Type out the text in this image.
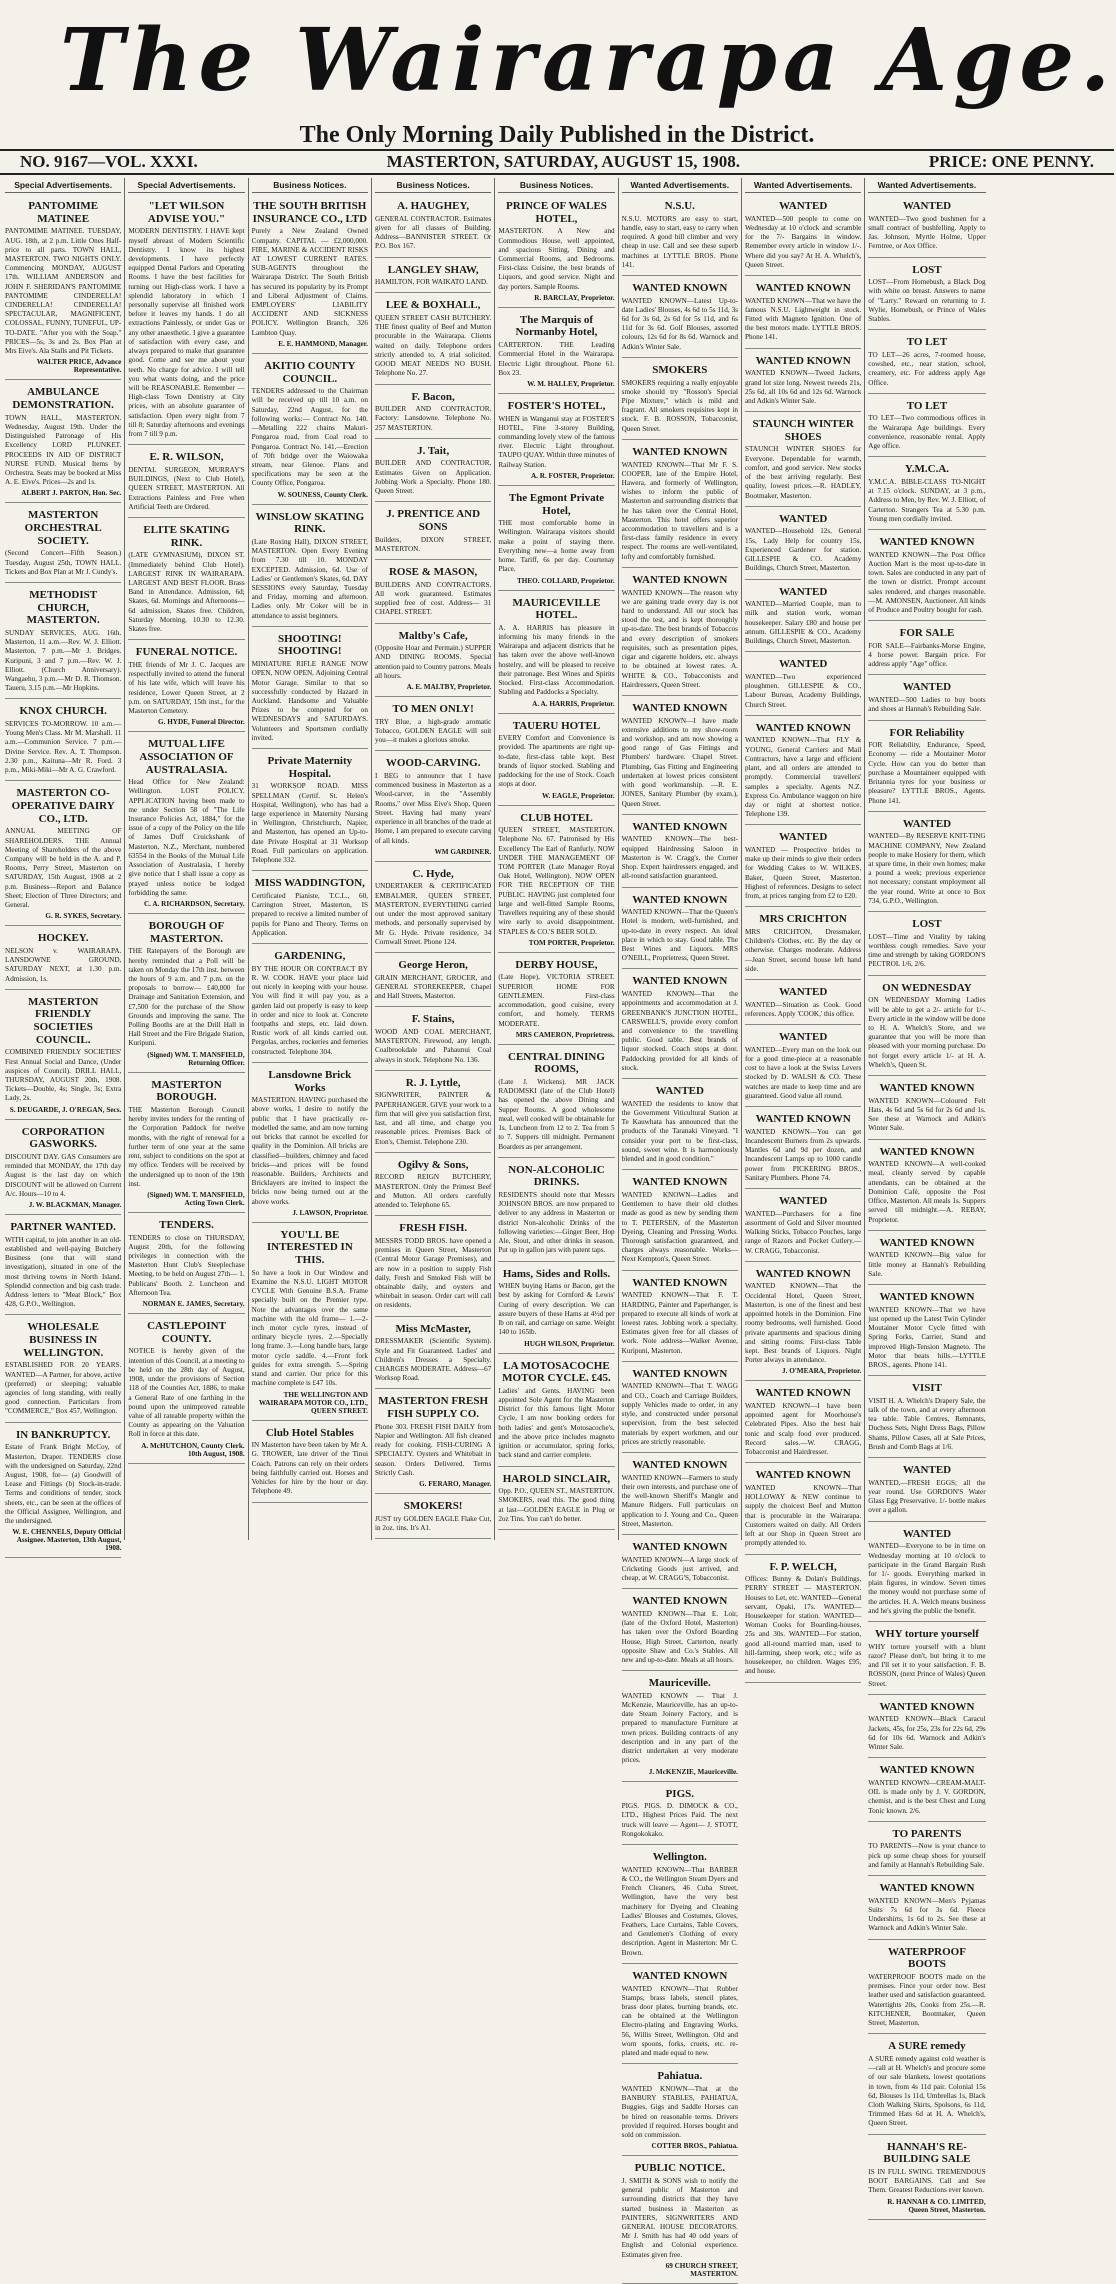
The Wairarapa Age.
The Only Morning Daily Published in the District.
NO. 9167—VOL. XXXI.	MASTERTON, SATURDAY, AUGUST 15, 1908.	PRICE: ONE PENNY.
Special Advertisements.
PANTOMIME MATINEE
PANTOMIME MATINEE. TUESDAY, AUG. 18th, at 2 p.m. Little Ones Half-price to all parts. TOWN HALL, MASTERTON. TWO NIGHTS ONLY. Commencing MONDAY, AUGUST 17th. WILLIAM ANDERSON and JOHN F. SHERIDAN'S PANTOMIME PANTOMIME CINDERELLA! CINDERELLA! CINDERELLA! SPECTACULAR, MAGNIFICENT, COLOSSAL, FUNNY, TUNEFUL, UP-TO-DATE. "After you with the Soap." PRICES—5s, 3s and 2s. Box Plan at Mrs Eive's. Ala Stalls and Pit Tickets.
WALTER PRICE, Advance Representative.
AMBULANCE DEMONSTRATION.
TOWN HALL, MASTERTON. Wednesday, August 19th. Under the Distinguished Patronage of His Excellency LORD PLUNKET. PROCEEDS IN AID OF DISTRICT NURSE FUND. Musical Items by Orchestra. Seats may be booked at Miss A. E. Eive's. Prices—2s and 1s.
ALBERT J. PARTON, Hon. Sec.
MASTERTON ORCHESTRAL SOCIETY.
(Second Concert—Fifth Season.) Tuesday, August 25th, TOWN HALL. Tickets and Box Plan at Mr J. Cundy's.
METHODIST CHURCH, MASTERTON.
SUNDAY SERVICES, AUG. 16th. Masterton, 11 a.m.—Rev. W. J. Elliott. Masterton, 7 p.m.—Mr J. Bridges. Kuripuni, 3 and 7 p.m.—Rev. W. J. Elliott. (Church Anniversary). Wangaehu, 3 p.m.—Mr D. R. Thomson. Taueru, 3.15 p.m.—Mr Hopkins.
KNOX CHURCH.
SERVICES TO-MORROW. 10 a.m.—Young Men's Class. Mr M. Marshall. 11 a.m.—Communion Service. 7 p.m.—Divine Service. Rev. A. T. Thompson. 2.30 p.m., Kaituna—Mr R. Ford. 3 p.m., Miki-Miki—Mr A. G. Crawford.
MASTERTON CO-OPERATIVE DAIRY CO., LTD.
ANNUAL MEETING OF SHAREHOLDERS. THE Annual Meeting of Shareholders of the above Company will be held in the A. and P. Rooms, Perry Street, Masterton on SATURDAY, 15th August, 1908 at 2 p.m. Business—Report and Balance Sheet; Election of Three Directors; and General.
G. R. SYKES, Secretary.
HOCKEY.
NELSON v. WAIRARAPA. LANSDOWNE GROUND, SATURDAY NEXT, at 1.30 p.m. Admission, 1s.
MASTERTON FRIENDLY SOCIETIES COUNCIL.
COMBINED FRIENDLY SOCIETIES' First Annual Social and Dance, (Under auspices of Council). DRILL HALL, THURSDAY, AUGUST 20th, 1908. Tickets—Double, 4s; Single, 3s; Extra Lady, 2s.
S. DEUGARDE, J. O'REGAN, Secs.
CORPORATION GASWORKS.
DISCOUNT DAY. GAS Consumers are reminded that MONDAY, the 17th day August is the last day on which DISCOUNT will be allowed on Current A/c. Hours—10 to 4.
J. W. BLACKMAN, Manager.
PARTNER WANTED.
WITH capital, to join another in an old-established and well-paying Butchery Business (one that will stand investigation), situated in one of the most thriving towns in North Island. Splendid connection and big cash trade. Address letters to "Meat Block," Box 428, G.P.O., Wellington.
WHOLESALE BUSINESS IN WELLINGTON.
ESTABLISHED FOR 20 YEARS. WANTED—A Partner, for above, active (preferred) or sleeping; valuable agencies of long standing, with really good connection. Particulars from "COMMERCE," Box 457, Wellington.
IN BANKRUPTCY.
Estate of Frank Bright McCoy, of Masterton, Draper. TENDERS close with the undersigned on Saturday, 22nd August, 1908, for— (a) Goodwill of Lease and Fittings (b) Stock-in-trade. Terms and conditions of tender, stock sheets, etc., can be seen at the offices of the Official Assignee, Wellington, and the undersigned.
W. E. CHENNELS, Deputy Official Assignee. Masterton, 13th August, 1908.
Special Advertisements.
"LET WILSON ADVISE YOU."
MODERN DENTISTRY. I HAVE kept myself abreast of Modern Scientific Dentistry. I know its highest developments. I have perfectly equipped Dental Parlors and Operating Rooms. I have the best facilities for turning out High-class work. I have a splendid laboratory in which I personally supervise all finished work before it leaves my hands. I do all extractions Painlessly, or under Gas or any other anaesthetic. I give a guarantee of satisfaction with every case, and always prepared to make that guarantee good. Come and see me about your teeth. No charge for advice. I will tell you what wants doing, and the price will be REASONABLE. Remember — High-class Town Dentistry at City prices, with an absolute guarantee of satisfaction. Open every night from 7 till 8; Saturday afternoons and evenings from 7 till 9 p.m.
E. R. WILSON,
DENTAL SURGEON, MURRAY'S BUILDINGS, (Next to Club Hotel), QUEEN STREET, MASTERTON. All Extractions Painless and Free when Artificial Teeth are Ordered.
ELITE SKATING RINK.
(LATE GYMNASIUM), DIXON ST. (Immediately behind Club Hotel). LARGEST RINK IN WAIRARAPA. LARGEST AND BEST FLOOR. Brass Band in Attendance. Admission, 6d; Skates, 6d. Mornings and Afternoons—6d admission, Skates free. Children, Saturday Morning, 10.30 to 12.30. Skates free.
FUNERAL NOTICE.
THE friends of Mr J. C. Jacques are respectfully invited to attend the funeral of his late wife, which will leave his residence, Lower Queen Street, at 2 p.m. on SATURDAY, 15th inst., for the Masterton Cemetery.
G. HYDE, Funeral Director.
MUTUAL LIFE ASSOCIATION OF AUSTRALASIA.
Head Office for New Zealand: Wellington. LOST POLICY. APPLICATION having been made to me under Section 58 of "The Life Insurance Policies Act, 1884," for the issue of a copy of the Policy on the life of James Duff Cruickshank of Masterton, N.Z., Merchant, numbered 63554 in the Books of the Mutual Life Association of Australasia, I hereby give notice that I shall issue a copy as prayed unless notice be lodged forbidding the same.
C. A. RICHARDSON, Secretary.
BOROUGH OF MASTERTON.
THE Ratepayers of the Borough are hereby reminded that a Poll will be taken on Monday the 17th inst. between the hours of 9 a.m. and 7 p.m. on the proposals to borrow— £40,000 for Drainage and Sanitation Extension, and £7,500 for the purchase of the Show Grounds and improving the same. The Polling Booths are at the Drill Hall in Hall Street and the Fire Brigade Station, Kuripuni.
(Signed) WM. T. MANSFIELD, Returning Officer.
MASTERTON BOROUGH.
THE Masterton Borough Council hereby invites tenders for the renting of the Corporation Paddock for twelve months, with the right of renewal for a further term of one year at the same rent, subject to conditions on the spot at my office. Tenders will be received by the undersigned up to noon of the 19th inst.
(Signed) WM. T. MANSFIELD, Acting Town Clerk.
TENDERS.
TENDERS to close on THURSDAY, August 20th, for the following privileges in connection with the Masterton Hunt Club's Steeplechase Meeting, to be held on August 27th— 1. Publicans' Booth. 2. Luncheon and Afternoon Tea.
NORMAN E. JAMES, Secretary.
CASTLEPOINT COUNTY.
NOTICE is hereby given of the intention of this Council, at a meeting to be held on the 28th day of August, 1908, under the provisions of Section 118 of the Counties Act, 1886, to make a General Rate of one farthing in the pound upon the unimproved rateable value of all rateable property within the County as appearing on the Valuation Roll in force at this date.
A. McHUTCHON, County Clerk. 10th August, 1908.
Business Notices.
THE SOUTH BRITISH INSURANCE CO., LTD
Purely a New Zealand Owned Company. CAPITAL — £2,000,000. FIRE, MARINE & ACCIDENT RISKS AT LOWEST CURRENT RATES. SUB-AGENTS throughout the Wairarapa District. The South British has secured its popularity by its Prompt and Liberal Adjustment of Claims. EMPLOYERS' LIABILITY ACCIDENT AND SICKNESS POLICY. Wellington Branch, 326 Lambton Quay.
E. E. HAMMOND, Manager.
AKITIO COUNTY COUNCIL.
TENDERS addressed to the Chairman will be received up till 10 a.m. on Saturday, 22nd August, for the following works:— Contract No. 140.—Metalling 222 chains Makuri-Pongaroa road, from Coal road to Pongaroa. Contract No. 141.—Erection of 70ft bridge over the Waiowaka stream, near Glenoe. Plans and specifications may be seen at the County Office, Pongaroa.
W. SOUNESS, County Clerk.
WINSLOW SKATING RINK.
(Late Roxing Hall), DIXON STREET, MASTERTON. Open Every Evening from 7.30 till 10. MONDAY EXCEPTED. Admission, 6d. Use of Ladies' or Gentlemen's Skates, 6d. DAY SESSIONS every Saturday, Tuesday and Friday, morning and afternoon. Ladies only. Mr Coker will be in attendance to assist beginners.
SHOOTING! SHOOTING!
MINIATURE RIFLE RANGE NOW OPEN, NOW OPEN, Adjoining Central Motor Garage. Similar to that so successfully conducted by Hazard in Auckland. Handsome and Valuable Prizes to be competed for on WEDNESDAYS and SATURDAYS. Volunteers and Sportsmen cordially invited.
Private Maternity Hospital.
31 WORKSOP ROAD. MISS SPELLMAN (Certif. St. Helen's Hospital, Wellington), who has had a large experience in Maternity Nursing in Wellington, Christchurch, Napier, and Masterton, has opened an Up-to-date Private Hospital at 31 Worksop Road. Full particulars on application. Telephone 332.
MISS WADDINGTON,
Certificated Pianiste, T.C.L., 60, Carrington Street, Masterton, IS prepared to receive a limited number of pupils for Piano and Theory. Terms on Application.
GARDENING,
BY THE HOUR OR CONTRACT BY R. W. COOK. HAVE your place laid out nicely in keeping with your house. You will find it will pay you, as a garden laid out properly is easy to keep in order and nice to look at. Concrete footpaths and steps, etc. laid down. Rustic work of all kinds carried out. Pergolas, arches, rockeries and ferneries constructed. Telephone 304.
Lansdowne Brick Works
MASTERTON. HAVING purchased the above works, I desire to notify the public that I have practically re-modelled the same, and am now turning out bricks that cannot be excelled for quality in the Dominion. All bricks are classified—builders, chimney and faced bricks—and prices will be found reasonable. Builders, Architects and Bricklayers are invited to inspect the bricks now being turned out at the above works.
J. LAWSON, Proprietor.
YOU'LL BE INTERESTED IN THIS.
So have a look in Our Window and Examine the N.S.U. LIGHT MOTOR CYCLE With Genuine B.S.A. Frame specially built on the Premier type. Note the advantages over the same machine with the old frame— 1.—2-inch motor cycle tyres, instead of ordinary bicycle tyres. 2.—Specially long frame. 3.—Long handle bars, large motor cycle saddle. 4.—Front fork guides for extra strength. 5.—Spring stand and carrier. Our price for this machine complete is £47 10s.
THE WELLINGTON AND WAIRARAPA MOTOR CO., LTD., QUEEN STREET.
Club Hotel Stables
IN Masterton have been taken by Mr A. G. TROWER, late driver of the Tinui Coach. Patrons can rely on their orders being faithfully carried out. Horses and Vehicles for hire by the hour or day. Telephone 49.
Business Notices.
A. HAUGHEY,
GENERAL CONTRACTOR. Estimates given for all classes of Building. Address—BANNISTER STREET. Or P.O. Box 167.
LANGLEY SHAW,
HAMILTON, FOR WAIKATO LAND.
LEE & BOXHALL,
QUEEN STREET CASH BUTCHERY. THE finest quality of Beef and Mutton procurable in the Wairarapa. Clients waited on daily. Telephone orders strictly attended to. A trial solicited. GOOD MEAT NEEDS NO BUSH. Telephone No. 27.
F. Bacon,
BUILDER AND CONTRACTOR. Factory: Lansdowne. Telephone No. 257 MASTERTON.
J. Tait,
BUILDER AND CONTRACTOR, Estimates Given on Application. Jobbing Work a Specialty. Phone 180. Queen Street.
J. PRENTICE AND SONS
Builders, DIXON STREET, MASTERTON.
ROSE & MASON,
BUILDERS AND CONTRACTORS. All work guaranteed. Estimates supplied free of cost. Address— 31 CHAPEL STREET.
Maltby's Cafe,
(Opposite Hoar and Permain.) SUPPER AND DINING ROOMS. Special attention paid to Country patrons. Meals all hours.
A. E. MALTBY, Proprietor.
TO MEN ONLY!
TRY Blue, a high-grade aromatic Tobacco, GOLDEN EAGLE will suit you—it makes a glorious smoke.
WOOD-CARVING.
I BEG to announce that I have commenced business in Masterton as a Wood-carver, in the "Assembly Rooms," over Miss Eive's Shop, Queen Street. Having had many years' experience in all branches of the trade at Home, I am prepared to execute carving of all kinds.
WM GARDINER.
C. Hyde,
UNDERTAKER & CERTIFICATED EMBALMER, QUEEN STREET, MASTERTON. EVERYTHING carried out under the most approved sanitary methods, and personally supervised by Mr G. Hyde. Private residence, 34 Cornwall Street. Phone 124.
George Heron,
GRAIN MERCHANT, GROCER, and GENERAL STOREKEEPER, Chapel and Hall Streets, Masterton.
F. Stains,
WOOD AND COAL MERCHANT, MASTERTON. Firewood, any length. Coalbrookdale and Pahaunui Coal always in stock. Telephone No. 136.
R. J. Lyttle,
SIGNWRITER, PAINTER & PAPERHANGER. GIVE your work to a firm that will give you satisfaction first, last, and all time, and charge you reasonable prices. Premises Back of Eton's, Chemist. Telephone 230.
Ogilvy & Sons,
RECORD REIGN BUTCHERY, MASTERTON. Only the Primest Beef and Mutton. All orders carefully attended to. Telephone 65.
FRESH FISH.
MESSRS TODD BROS. have opened a premises in Queen Street, Masterton (Central Motor Garage Premises), and are now in a position to supply Fish daily, Fresh and Smoked Fish will be obtainable daily, and oysters and whitebait in season. Order cart will call on residents.
Miss McMaster,
DRESSMAKER (Scientific System). Style and Fit Guaranteed. Ladies' and Children's Dresses a Specialty. CHARGES MODERATE. Address—67 Worksop Road.
MASTERTON FRESH FISH SUPPLY CO.
Phone 303. FRESH FISH DAILY from Napier and Wellington. All fish cleaned ready for cooking. FISH-CURING A SPECIALTY. Oysters and Whitebait in season. Orders Delivered. Terms Strictly Cash.
G. FERARO, Manager.
SMOKERS!
JUST try GOLDEN EAGLE Flake Cut, in 2oz. tins. It's A1.
Business Notices.
PRINCE OF WALES HOTEL,
MASTERTON. A New and Commodious House, well appointed, and spacious Sitting, Dining and Commercial Rooms, and Bedrooms. First-class Cuisine, the best brands of Liquors, and good service. Night and day porters. Sample Rooms.
R. BARCLAY, Proprietor.
The Marquis of Normanby Hotel,
CARTERTON. THE Leading Commercial Hotel in the Wairarapa. Electric Light throughout. Phone 61. Box 23.
W. M. HALLEY, Proprietor.
FOSTER'S HOTEL,
WHEN in Wanganui stay at FOSTER'S HOTEL, Fine 3-storey Building, commanding lovely view of the famous river. Electric Light throughout. TAUPO QUAY. Within three minutes of Railway Station.
A. R. FOSTER, Proprietor.
The Egmont Private Hotel,
THE most comfortable home in Wellington. Wairarapa visitors should make a point of staying there. Everything new—a home away from home. Tariff, 6s per day. Courtenay Place.
THEO. COLLARD, Proprietor.
MAURICEVILLE HOTEL.
A. A. HARRIS has pleasure in informing his many friends in the Wairarapa and adjacent districts that he has taken over the above well-known hostelry, and will be pleased to receive their patronage. Best Wines and Spirits Stocked. First-class Accommodation. Stabling and Paddocks a Specialty.
A. A. HARRIS, Proprietor.
TAUERU HOTEL
EVERY Comfort and Convenience is provided. The apartments are right up-to-date, first-class table kept. Best brands of liquor stocked. Stabling and paddocking for the use of Stock. Coach stops at door.
W. EAGLE, Proprietor.
CLUB HOTEL
QUEEN STREET, MASTERTON. Telephone No. 67. Patronised by His Excellency The Earl of Ranfurly. NOW UNDER THE MANAGEMENT OF TOM PORTER (Late Manager Royal Oak Hotel, Wellington). NOW OPEN FOR THE RECEPTION OF THE PUBLIC. HAVING just completed four large and well-fitted Sample Rooms, Travellers requiring any of these should wire early to avoid disappointment. STAPLES & CO.'S BEER SOLD.
TOM PORTER, Proprietor.
DERBY HOUSE,
(Late Hope), VICTORIA STREET. SUPERIOR HOME FOR GENTLEMEN. First-class accommodation, good cuisine, every comfort, and homely. TERMS MODERATE.
MRS CAMERON, Proprietress.
CENTRAL DINING ROOMS,
(Late J. Wickens). MR JACK RADOMSKI (late of the Club Hotel) has opened the above Dining and Supper Rooms. A good wholesome meal, well cooked will be obtainable for 1s. Luncheon from 12 to 2. Tea from 5 to 7. Suppers till midnight. Permanent Boarders as per arrangement.
NON-ALCOHOLIC DRINKS.
RESIDENTS should note that Messrs JOHNSON BROS. are now prepared to deliver to any address in Masterton or district Non-alcoholic Drinks of the following varieties:—Ginger Beer, Hop Ale, Stout, and other drinks in season. Put up in gallon jars with patent taps.
Hams, Sides and Rolls.
WHEN buying Hams or Bacon, get the best by asking for Cornford & Lewis' Curing of every description. We can assure buyers of these Hams at 4½d per lb on rail, and carriage on same. Weight 140 to 165lb.
HUGH WILSON, Proprietor.
LA MOTOSACOCHE MOTOR CYCLE. £45.
Ladies' and Gents. HAVING been appointed Sole Agent for the Masterton District for this famous light Motor Cycle, I am now booking orders for both ladies' and gent's Motosacoche's, and the above price includes magneto ignition or accumulator, spring forks, back stand and carrier complete.
HAROLD SINCLAIR,
Opp. P.O., QUEEN ST., MASTERTON. SMOKERS, read this. The good thing at last—GOLDEN EAGLE in Plug or 2oz Tins. You can't do better.
Wanted Advertisements.
N.S.U.
N.S.U. MOTORS are easy to start, handle, easy to start, easy to carry when required. A good hill climber and very cheap in use. Call and see these superb machines at LYTTLE BROS. Phone 141.
WANTED KNOWN
WANTED KNOWN—Latest Up-to-date Ladies' Blouses, 4s 6d to 5s 11d, 3s 6d for 3s 6d, 2s 6d for 5s 11d, and 6s 11d for 3s 6d. Golf Blouses, assorted colours, 12s 6d for 8s 6d. Warnock and Adkin's Winter Sale.
SMOKERS
SMOKERS requiring a really enjoyable smoke should try "Rosson's Special Pipe Mixture," which is mild and fragrant. All smokers requisites kept in stock. F. B. ROSSON, Tobacconist, Queen Street.
WANTED KNOWN
WANTED KNOWN—That Mr F. S. COOPER, late of the Empire Hotel, Hawera, and formerly of Wellington, wishes to inform the public of Masterton and surrounding districts that he has taken over the Central Hotel, Masterton. This hotel offers superior accommodation to travellers and is a first-class family residence in every respect. The rooms are well-ventilated, lofty and comfortably furnished.
WANTED KNOWN
WANTED KNOWN—The reason why we are gaining trade every day is not hard to understand. All our stock has stood the test, and is kept thoroughly up-to-date. The best brands of Tobaccos and every description of smokers requisites, such as presentation pipes, cigar and cigarette holders, etc. always to be obtained at lowest rates. A. WHITE & CO., Tobacconists and Hairdressers, Queen Street.
WANTED KNOWN
WANTED KNOWN—I have made extensive additions to my show-room and workshop, and am now showing a good range of Gas Fittings and Plumbers' hardware. Chapel Street. Plumbing, Gas Fitting and Engineering undertaken at lowest prices consistent with good workmanship. —R. E. JONES, Sanitary Plumber (by exam.), Queen Street.
WANTED KNOWN
WANTED KNOWN—The best-equipped Hairdressing Saloon in Masterton is W. Cragg's, the Corner Shop. Expert hairdressers engaged, and all-round satisfaction guaranteed.
WANTED KNOWN
WANTED KNOWN—That the Queen's Hotel is modern, well-furnished, and up-to-date in every respect. An ideal place in which to stay. Good table. The Best Wines and Liquors. MRS O'NEILL, Proprietress, Queen Street.
WANTED KNOWN
WANTED KNOWN—That the appointments and accommodation at J. GREENBANK'S JUNCTION HOTEL, CARSWELL'S, provide every comfort and convenience to the travelling public. Good table. Best brands of liquor stocked. Coach stops at door. Paddocking provided for all kinds of stock.
WANTED
WANTED the residents to know that the Government Viticultural Station at Te Kauwhata has announced that the products of the Taranaki Vineyard. "I consider your port to be first-class, sound, sweet wine. It is harmoniously blended and in good condition."
WANTED KNOWN
WANTED KNOWN—Ladies and Gentlemen to have their old clothes made as good as new by sending them to T. PETERSEN, of the Masterton Dyeing, Cleaning and Pressing Works. Thorough satisfaction guaranteed, and charges always reasonable. Works—Next Kempton's, Queen Street.
WANTED KNOWN
WANTED KNOWN—That F. T. HARDING, Painter and Paperhanger, is prepared to execute all kinds of work at lowest rates. Jobbing work a specialty. Estimates given free for all classes of work. Note address—Walker Avenue, Kuripuni, Masterton.
WANTED KNOWN
WANTED KNOWN—That T. WAGG and CO., Coach and Carriage Builders, supply Vehicles made to order, in any style, and constructed under personal supervision, from the best selected materials by expert workmen, and our prices are strictly reasonable.
WANTED KNOWN
WANTED KNOWN—Farmers to study their own interests, and purchase one of the well-known Sheriff's Mangle and Manure Ridgers. Full particulars on application to J. Young and Co., Queen Street, Masterton.
WANTED KNOWN
WANTED KNOWN—A large stock of Cricketing Goods just arrived, and cheap, at W. CRAGG'S, Tobacconist.
WANTED KNOWN
WANTED KNOWN—That E. Loir, (late of the Oxford Hotel, Masterton) has taken over the Oxford Boarding House, High Street, Carterton, nearly opposite Shaw and Co.'s Stables. All new and up-to-date. Meals at all hours.
Mauriceville.
WANTED KNOWN — That J. McKenzie, Mauriceville, has an up-to-date Steam Joinery Factory, and is prepared to manufacture Furniture at town prices. Building contracts of any description and in any part of the district undertaken at very moderate prices.
J. McKENZIE, Mauriceville.
PIGS.
PIGS. PIGS. D. DIMOCK & CO., LTD., Highest Prices Paid. The next truck will leave — Agent— J. STOTT, Rongokokako.
Wellington.
WANTED KNOWN—That BARBER & CO., the Wellington Steam Dyers and French Cleaners, 46 Cuba Street, Wellington, have the very best machinery for Dyeing and Cleaning Ladies' Blouses and Costumes, Gloves, Feathers, Lace Curtains, Table Covers, and Gentlemen's Clothing of every description. Agent in Masterton: Mr C. Brown.
WANTED KNOWN
WANTED KNOWN—That Rubber Stamps, brass labels, stencil plates, brass door plates, burning brands, etc. can be obtained at the Wellington Electro-plating and Engraving Works, 56, Willis Street, Wellington. Old and worn spoons, forks, cruets, etc. re-plated and made equal to new.
Pahiatua.
WANTED KNOWN—That at the BANBURY STABLES, PAHIATUA, Buggies, Gigs and Saddle Horses can be hired on reasonable terms. Drivers provided if required. Horses bought and sold on commission.
COTTER BROS., Pahiatua.
PUBLIC NOTICE.
J. SMITH & SONS wish to notify the general public of Masterton and surrounding districts that they have started business in Masterton as PAINTERS, SIGNWRITERS AND GENERAL HOUSE DECORATORS. Mr J. Smith has had 40 odd years of English and Colonial experience. Estimates given free.
69 CHURCH STREET, MASTERTON.
Wanted Advertisements.
WANTED
WANTED—500 people to come on Wednesday at 10 o'clock and scramble for the 7/- Bargains in window. Remember every article in window 1/-. Where did you say? At H. A. Whelch's, Queen Street.
WANTED KNOWN
WANTED KNOWN—That we have the famous N.S.U. Lightweight in stock. Fitted with Magneto Ignition. One of the best motors made. LYTTLE BROS. Phone 141.
WANTED KNOWN
WANTED KNOWN—Tweed Jackets, grand lot size long. Newest tweeds 21s, 25s 6d, all 10s 6d and 12s 6d. Warnock and Adkin's Winter Sale.
STAUNCH WINTER SHOES
STAUNCH WINTER SHOES for Everyone. Dependable for warmth, comfort, and good service. New stocks of the best arriving regularly. Best quality, lowest prices.—R. HADLEY, Bootmaker, Masterton.
WANTED
WANTED—Household 12s, General 15s, Lady Help for country 15s, Experienced Gardener for station. GILLESPIE & CO. Academy Buildings, Church Street, Masterton.
WANTED
WANTED—Married Couple, man to milk and station work, woman housekeeper. Salary £80 and house per annum. GILLESPIE & CO., Academy Buildings, Church Street, Masterton.
WANTED
WANTED—Two experienced ploughmen. GILLESPIE & CO., Labour Bureau, Academy Buildings, Church Street.
WANTED KNOWN
WANTED KNOWN—That FLY & YOUNG, General Carriers and Mail Contractors, have a large and efficient plant, and all orders are attended to promptly. Commercial travellers' samples a specialty. Agents N.Z. Express Co. Ambulance waggon on hire day or night at shortest notice. Telephone 139.
WANTED
WANTED — Prospective brides to make up their minds to give their orders for Wedding Cakes to W. WILKES, Baker, Queen Street, Masterton. Highest of references. Designs to select from, at prices ranging from £2 to £20.
MRS CRICHTON
MRS CRICHTON, Dressmaker, Children's Clothes, etc. By the day or otherwise. Charges moderate. Address—Jean Street, second house left hand side.
WANTED
WANTED—Situation as Cook. Good references. Apply 'COOK,' this office.
WANTED
WANTED—Every man on the look out for a good time-piece at a reasonable cost to have a look at the Swiss Levers stocked by D. WALSH & CO. These watches are made to keep time and are guaranteed. Good value all round.
WANTED KNOWN
WANTED KNOWN—You can get Incandescent Burners from 2s upwards. Mantles 6d and 9d per dozen, and Incandescent Lamps up to 1000 candle power from PICKERING BROS., Sanitary Plumbers. Phone 74.
WANTED
WANTED—Purchasers for a fine assortment of Gold and Silver mounted Walking Sticks, Tobacco Pouches, large range of Razors and Pocket Cutlery.—W. CRAGG, Tobacconist.
WANTED KNOWN
WANTED KNOWN—That the Occidental Hotel, Queen Street, Masterton, is one of the finest and best appointed hotels in the Dominion. Fine roomy bedrooms, well furnished. Good private apartments and spacious dining and sitting rooms. First-class Table kept. Best brands of Liquors. Night Porter always in attendance.
J. O'MEARA, Proprietor.
WANTED KNOWN
WANTED KNOWN—I have been appointed agent for Moorhouse's Celebrated Pipes. Also the best hair tonic and scalp food ever produced. Record sales.—W. CRAGG, Tobacconist and Hairdresser.
WANTED KNOWN
WANTED KNOWN—That HOLLOWAY & NEW continue to supply the choicest Beef and Mutton that is procurable in the Wairarapa. Customers waited on daily. All Orders left at our Shop in Queen Street are promptly attended to.
F. P. WELCH,
Offices: Bunny & Dolan's Buildings, PERRY STREET — MASTERTON. Houses to Let, etc. WANTED—General servant, Opaki, 17s. WANTED—Housekeeper for station. WANTED—Woman Cooks for Boarding-houses, 25s and 30s. WANTED—For station, good all-round married man, used to hill-farming, sheep work, etc.; wife as housekeeper, no children. Wages £95, and house.
Wanted Advertisements.
WANTED
WANTED—Two good bushmen for a small contract of bushfelling. Apply to Jas. Johnson, Myrtle Holme, Upper Ferntree, or Aox Office.
LOST
LOST—From Homebush, a Black Dog with white on breast. Answers to name of "Larry." Reward on returning to J. Wylie, Homebush, or Prince of Wales Stables.
TO LET
TO LET—26 acres, 7-roomed house, cowshed, etc., near station, school, creamery, etc. For address apply Age Office.
TO LET
TO LET—Two commodious offices in the Wairarapa Age buildings. Every convenience, reasonable rental. Apply Age office.
Y.M.C.A.
Y.M.C.A. BIBLE-CLASS TO-NIGHT at 7.15 o'clock. SUNDAY, at 3 p.m., Address to Men, by Rev. W. J. Elliott, of Carterton. Strangers Tea at 5.30 p.m. Young men cordially invited.
WANTED KNOWN
WANTED KNOWN—The Post Office Auction Mart is the most up-to-date in town. Sales are conducted in any part of the town or district. Prompt account sales rendered, and charges reasonable.—M. AMONSEN, Auctioneer. All kinds of Produce and Poultry bought for cash.
FOR SALE
FOR SALE—Fairbanks-Morse Engine, 4 horse power. Bargain price. For address apply "Age" office.
WANTED
WANTED—500 Ladies to buy boots and shoes at Hannah's Rebuilding Sale.
FOR Reliability
FOR Reliability, Endurance, Speed, Economy — ride a Moutainer Motor Cycle. How can you do better than purchase a Mountaineer equipped with Britannia tyres for your business or pleasure? LYTTLE BROS., Agents. Phone 141.
WANTED
WANTED—By RESERVE KNIT-TING MACHINE COMPANY, New Zealand people to make Hosiery for them, which at spare time, in their own homes; make a pound a week; previous experience not necessary; constant employment all the year round. Write at once to Box 734, G.P.O., Wellington.
LOST
LOST—Time and Vitality by taking worthless cough remedies. Save your time and strength by taking GORDON'S PECTROL 1/6, 2/6.
ON WEDNESDAY
ON WEDNESDAY Morning Ladies will be able to get a 2/- article for 1/-. Every article in the window will be done to H. A. Whelch's Store, and we guarantee that you will be more than pleased with your morning purchase. Do not forget every article 1/- at H. A. Whelch's, Queen St.
WANTED KNOWN
WANTED KNOWN—Coloured Felt Hats, 4s 6d and 5s 6d for 2s 6d and 1s. See these at Warnock and Adkin's Winter Sale.
WANTED KNOWN
WANTED KNOWN—A well-cooked meal, cleanly served by capable attendants, can be obtained at the Dominion Café, opposite the Post Office, Masterton. All meals 1s. Suppers served till midnight.—A. REBAY, Proprietor.
WANTED KNOWN
WANTED KNOWN—Big value for little money at Hannah's Rebuilding Sale.
WANTED KNOWN
WANTED KNOWN—That we have just opened up the Latest Twin Cylinder Moutainer Motor Cycle fitted with Spring Forks, Carrier, Stand and improved High-Tension Magneto. The Motor that beats hills.—LYTTLE BROS., agents. Phone 141.
VISIT
VISIT H. A. Whelch's Drapery Sale, the talk of the town, and at every afternoon tea table. Table Centres, Remnants, Duchess Sets, Night Dress Bags, Pillow Shams, Pillow Cases, all at Sale Prices, Brush and Comb Bags at 1/6.
WANTED
WANTED,—FRESH EGGS; all the year round. Use GORDON'S Water Glass Egg Preservative. 1/- bottle makes over a gallon.
WANTED
WANTED—Everyone to be in time on Wednesday morning at 10 o'clock to participate in the Grand Bargain Rush for 1/- goods. Everything marked in plain figures, in window. Seven times the money would not purchase some of the articles. H. A. Welch means business and he's giving the public the benefit.
WHY torture yourself
WHY torture yourself with a blunt razor? Please don't, but bring it to me and I'll set it to your satisfaction. F. B. ROSSON, (next Prince of Wales) Queen Street.
WANTED KNOWN
WANTED KNOWN—Black Caracul Jackets, 45s, for 25s, 23s for 22s 6d, 29s 6d for 10s 6d. Warnock and Adkin's Winter Sale.
WANTED KNOWN
WANTED KNOWN—CREAM-MALT-OIL is made only by J. V. GORDON, chemist, and is the best Chest and Lung Tonic known. 2/6.
TO PARENTS
TO PARENTS—Now is your chance to pick up some cheap shoes for yourself and family at Hannah's Rebuilding Sale.
WANTED KNOWN
WANTED KNOWN—Men's Pyjamas Suits 7s 6d for 3s 6d. Fleece Undershirts, 1s 6d to 2s. See these at Warnock and Adkin's Winter Sale.
WATERPROOF BOOTS
WATERPROOF BOOTS made on the premises. Fince your order now. Best leather used and satisfaction guaranteed. Watertights 20s, Cooks from 25s.—R. KITCHENER, Bootmaker, Queen Street, Masterton.
A SURE remedy
A SURE remedy against cold weather is—call at H. Whelch's and procure some of our sale blankets, lowest quotations in town, from 4s 11d pair. Colonial 15s 6d, Blouses 1s 11d, Umbrellas 1s, Black Cloth Walking Skirts, Spolsons, 6s 11d, Trimmed Hats 6d at H. A. Whelch's, Queen Street.
HANNAH'S RE-BUILDING SALE
IS IN FULL SWING. TREMENDOUS BOOT BARGAINS. Call and See Them. Greatest Reductions ever known.
R. HANNAH & CO. LIMITED, Queen Street, Masterton.
